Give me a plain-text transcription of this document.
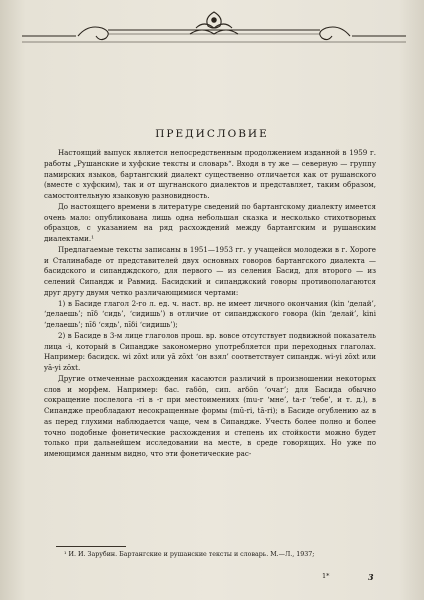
ПРЕДИСЛОВИЕ

Настоящий выпуск является непосредственным продолжением изданной в 1959 г. работы „Рушанские и хуфские тексты и словарь“. Входя в ту же — северную — группу памирских языков, бартангский диалект существенно отличается как от рушанского (вместе с хуфским), так и от шугнанского диалектов и представляет, таким образом, самостоятельную языковую разновидность.

До настоящего времени в литературе сведений по бартангскому диалекту имеется очень мало: опубликована лишь одна небольшая сказка и несколько стихотворных образцов, с указанием на ряд расхождений между бартангским и рушанским диалектами.¹

Предлагаемые тексты записаны в 1951—1953 гг. у учащейся молодежи в г. Хороге и Сталинабаде от представителей двух основных говоров бартангского диалекта — басидского и сипандждского, для первого — из селения Басид, для второго — из селений Сипандж и Равмид. Басидский и сипанджский говоры противополагаются друг другу двумя четко различающимися чертами:

1) в Басиде глагол 2-го л. ед. ч. наст. вр. не имеет личного окончания (kin ‘делай’, ‘делаешь’; nīδ ‘сидь’, ‘сидишь’) в отличие от сипанджского говора (kin ‘делай’, kini ‘делаешь’; nīδ ‘сядь’, nīδi ‘сидишь’);

2) в Басиде в 3-м лице глаголов прош. вр. вовсе отсутствует подвижной показатель лица -i, который в Сипандже закономерно употребляется при переходных глаголах. Например: басидск. wi zōxt или yā zōxt ‘он взял’ соответствует сипандж. wi-yi zōxt или yā-yi zōxt.

Другие отмеченные расхождения касаются различий в произношении некоторых слов и морфем. Например: бас. raδōn, сип. arδōn ‘очаг’; для Басида обычно сокращение послелога -ri в -r при местоимениях (mu-r ‘мне’, ta-r ‘тебе’, и т. д.), в Сипандже преобладают несокращенные формы (mū-ri, tā-ri); в Басиде огублению az в as перед глухими наблюдается чаще, чем в Сипандже. Учесть более полно и более точно подобные фонетические расхождения и степень их стойкости можно будет только при дальнейшем исследовании на месте, в среде говорящих. Но уже по имеющимся данным видно, что эти фонетические рас-

¹ И. И. Зарубин. Бартангские и рушанские тексты и словарь. М.—Л., 1937;
1*	3
